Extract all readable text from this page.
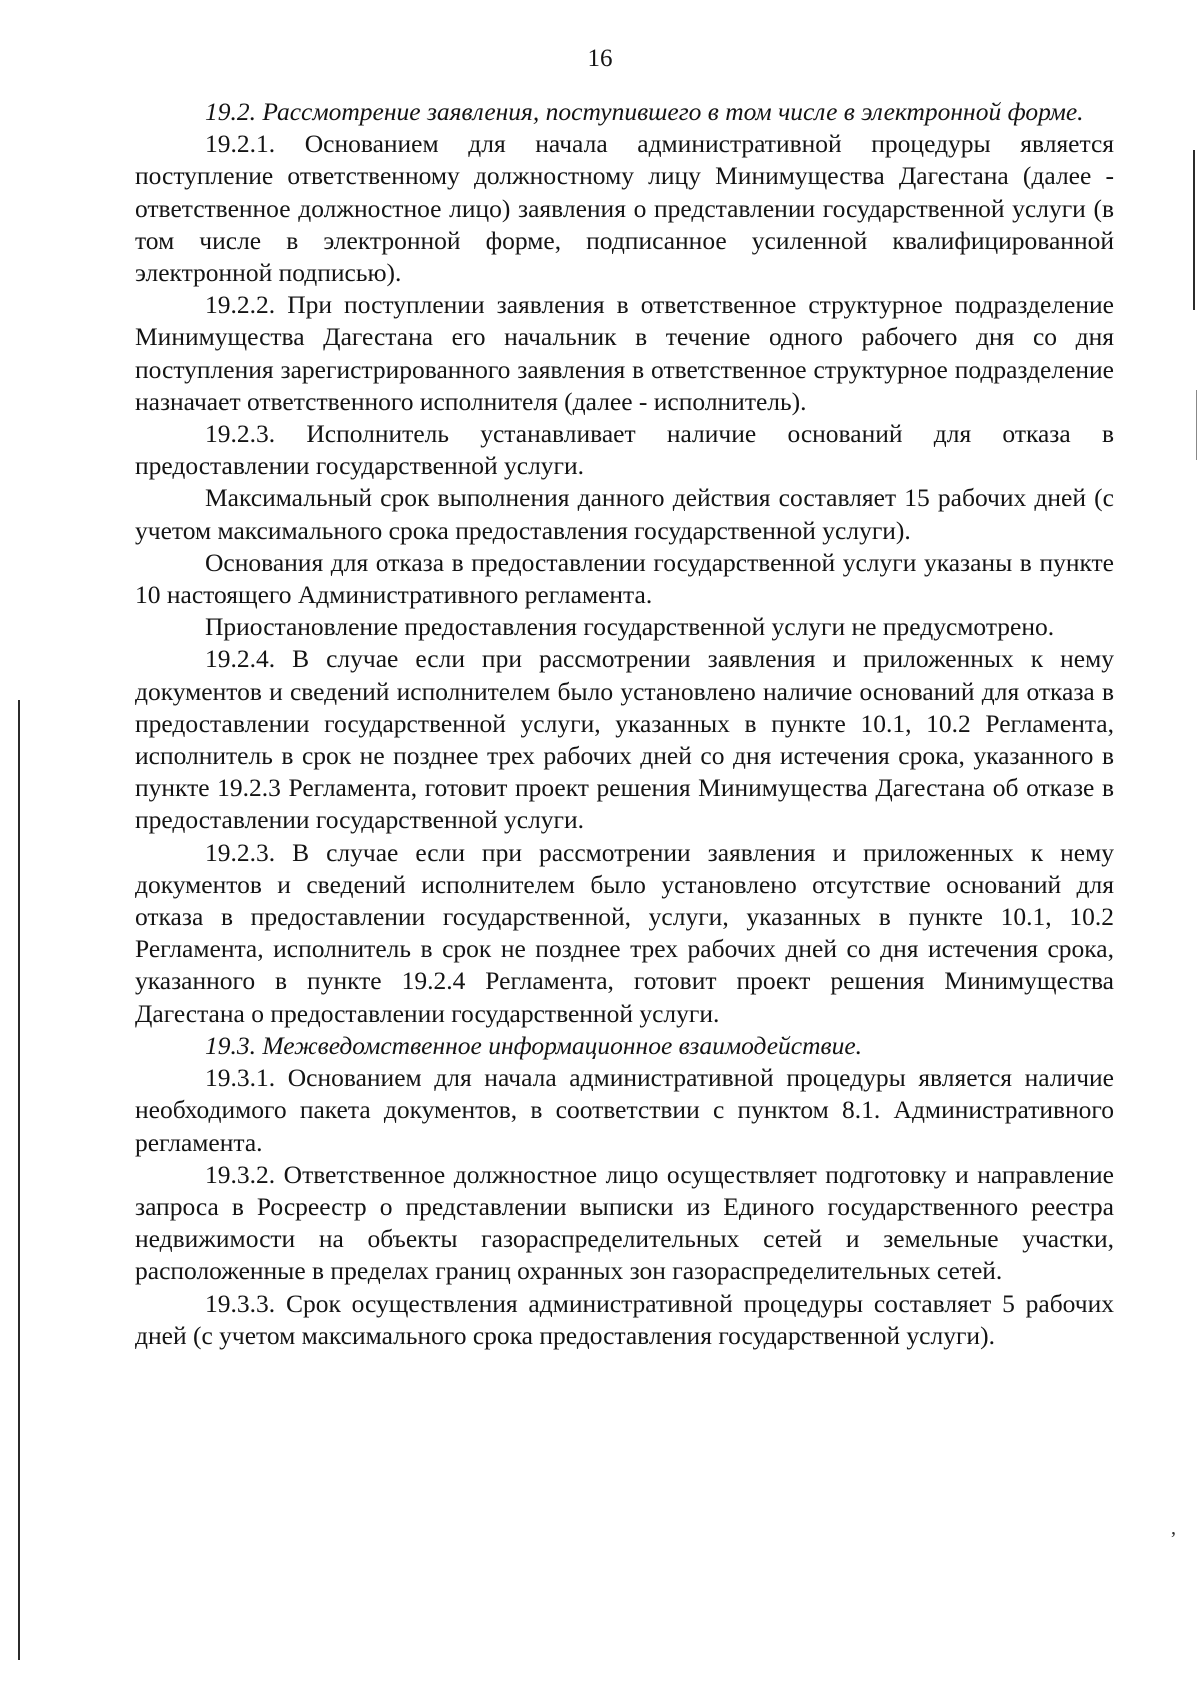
’
16

19.2. Рассмотрение заявления, поступившего в том числе в электронной форме.

19.2.1. Основанием для начала административной процедуры является поступление ответственному должностному лицу Минимущества Дагестана (далее - ответственное должностное лицо) заявления о представлении государственной услуги (в том числе в электронной форме, подписанное усиленной квалифицированной электронной подписью).

19.2.2. При поступлении заявления в ответственное структурное подразделение Минимущества Дагестана его начальник в течение одного рабочего дня со дня поступления зарегистрированного заявления в ответственное структурное подразделение назначает ответственного исполнителя (далее - исполнитель).

19.2.3. Исполнитель устанавливает наличие оснований для отказа в предоставлении государственной услуги.

Максимальный срок выполнения данного действия составляет 15 рабочих дней (с учетом максимального срока предоставления государственной услуги).

Основания для отказа в предоставлении государственной услуги указаны в пункте 10 настоящего Административного регламента.

Приостановление предоставления государственной услуги не предусмотрено.

19.2.4. В случае если при рассмотрении заявления и приложенных к нему документов и сведений исполнителем было установлено наличие оснований для отказа в предоставлении государственной услуги, указанных в пункте 10.1, 10.2 Регламента, исполнитель в срок не позднее трех рабочих дней со дня истечения срока, указанного в пункте 19.2.3 Регламента, готовит проект решения Минимущества Дагестана об отказе в предоставлении государственной услуги.

19.2.3. В случае если при рассмотрении заявления и приложенных к нему документов и сведений исполнителем было установлено отсутствие оснований для отказа в предоставлении государственной, услуги, указанных в пункте 10.1, 10.2 Регламента, исполнитель в срок не позднее трех рабочих дней со дня истечения срока, указанного в пункте 19.2.4 Регламента, готовит проект решения Минимущества Дагестана о предоставлении государственной услуги.

19.3. Межведомственное информационное взаимодействие.

19.3.1. Основанием для начала административной процедуры является наличие необходимого пакета документов, в соответствии с пунктом 8.1. Административного регламента.

19.3.2. Ответственное должностное лицо осуществляет подготовку и направление запроса в Росреестр о представлении выписки из Единого государственного реестра недвижимости на объекты газораспределительных сетей и земельные участки, расположенные в пределах границ охранных зон газораспределительных сетей.

19.3.3. Срок осуществления административной процедуры составляет 5 рабочих дней (с учетом максимального срока предоставления государственной услуги).
